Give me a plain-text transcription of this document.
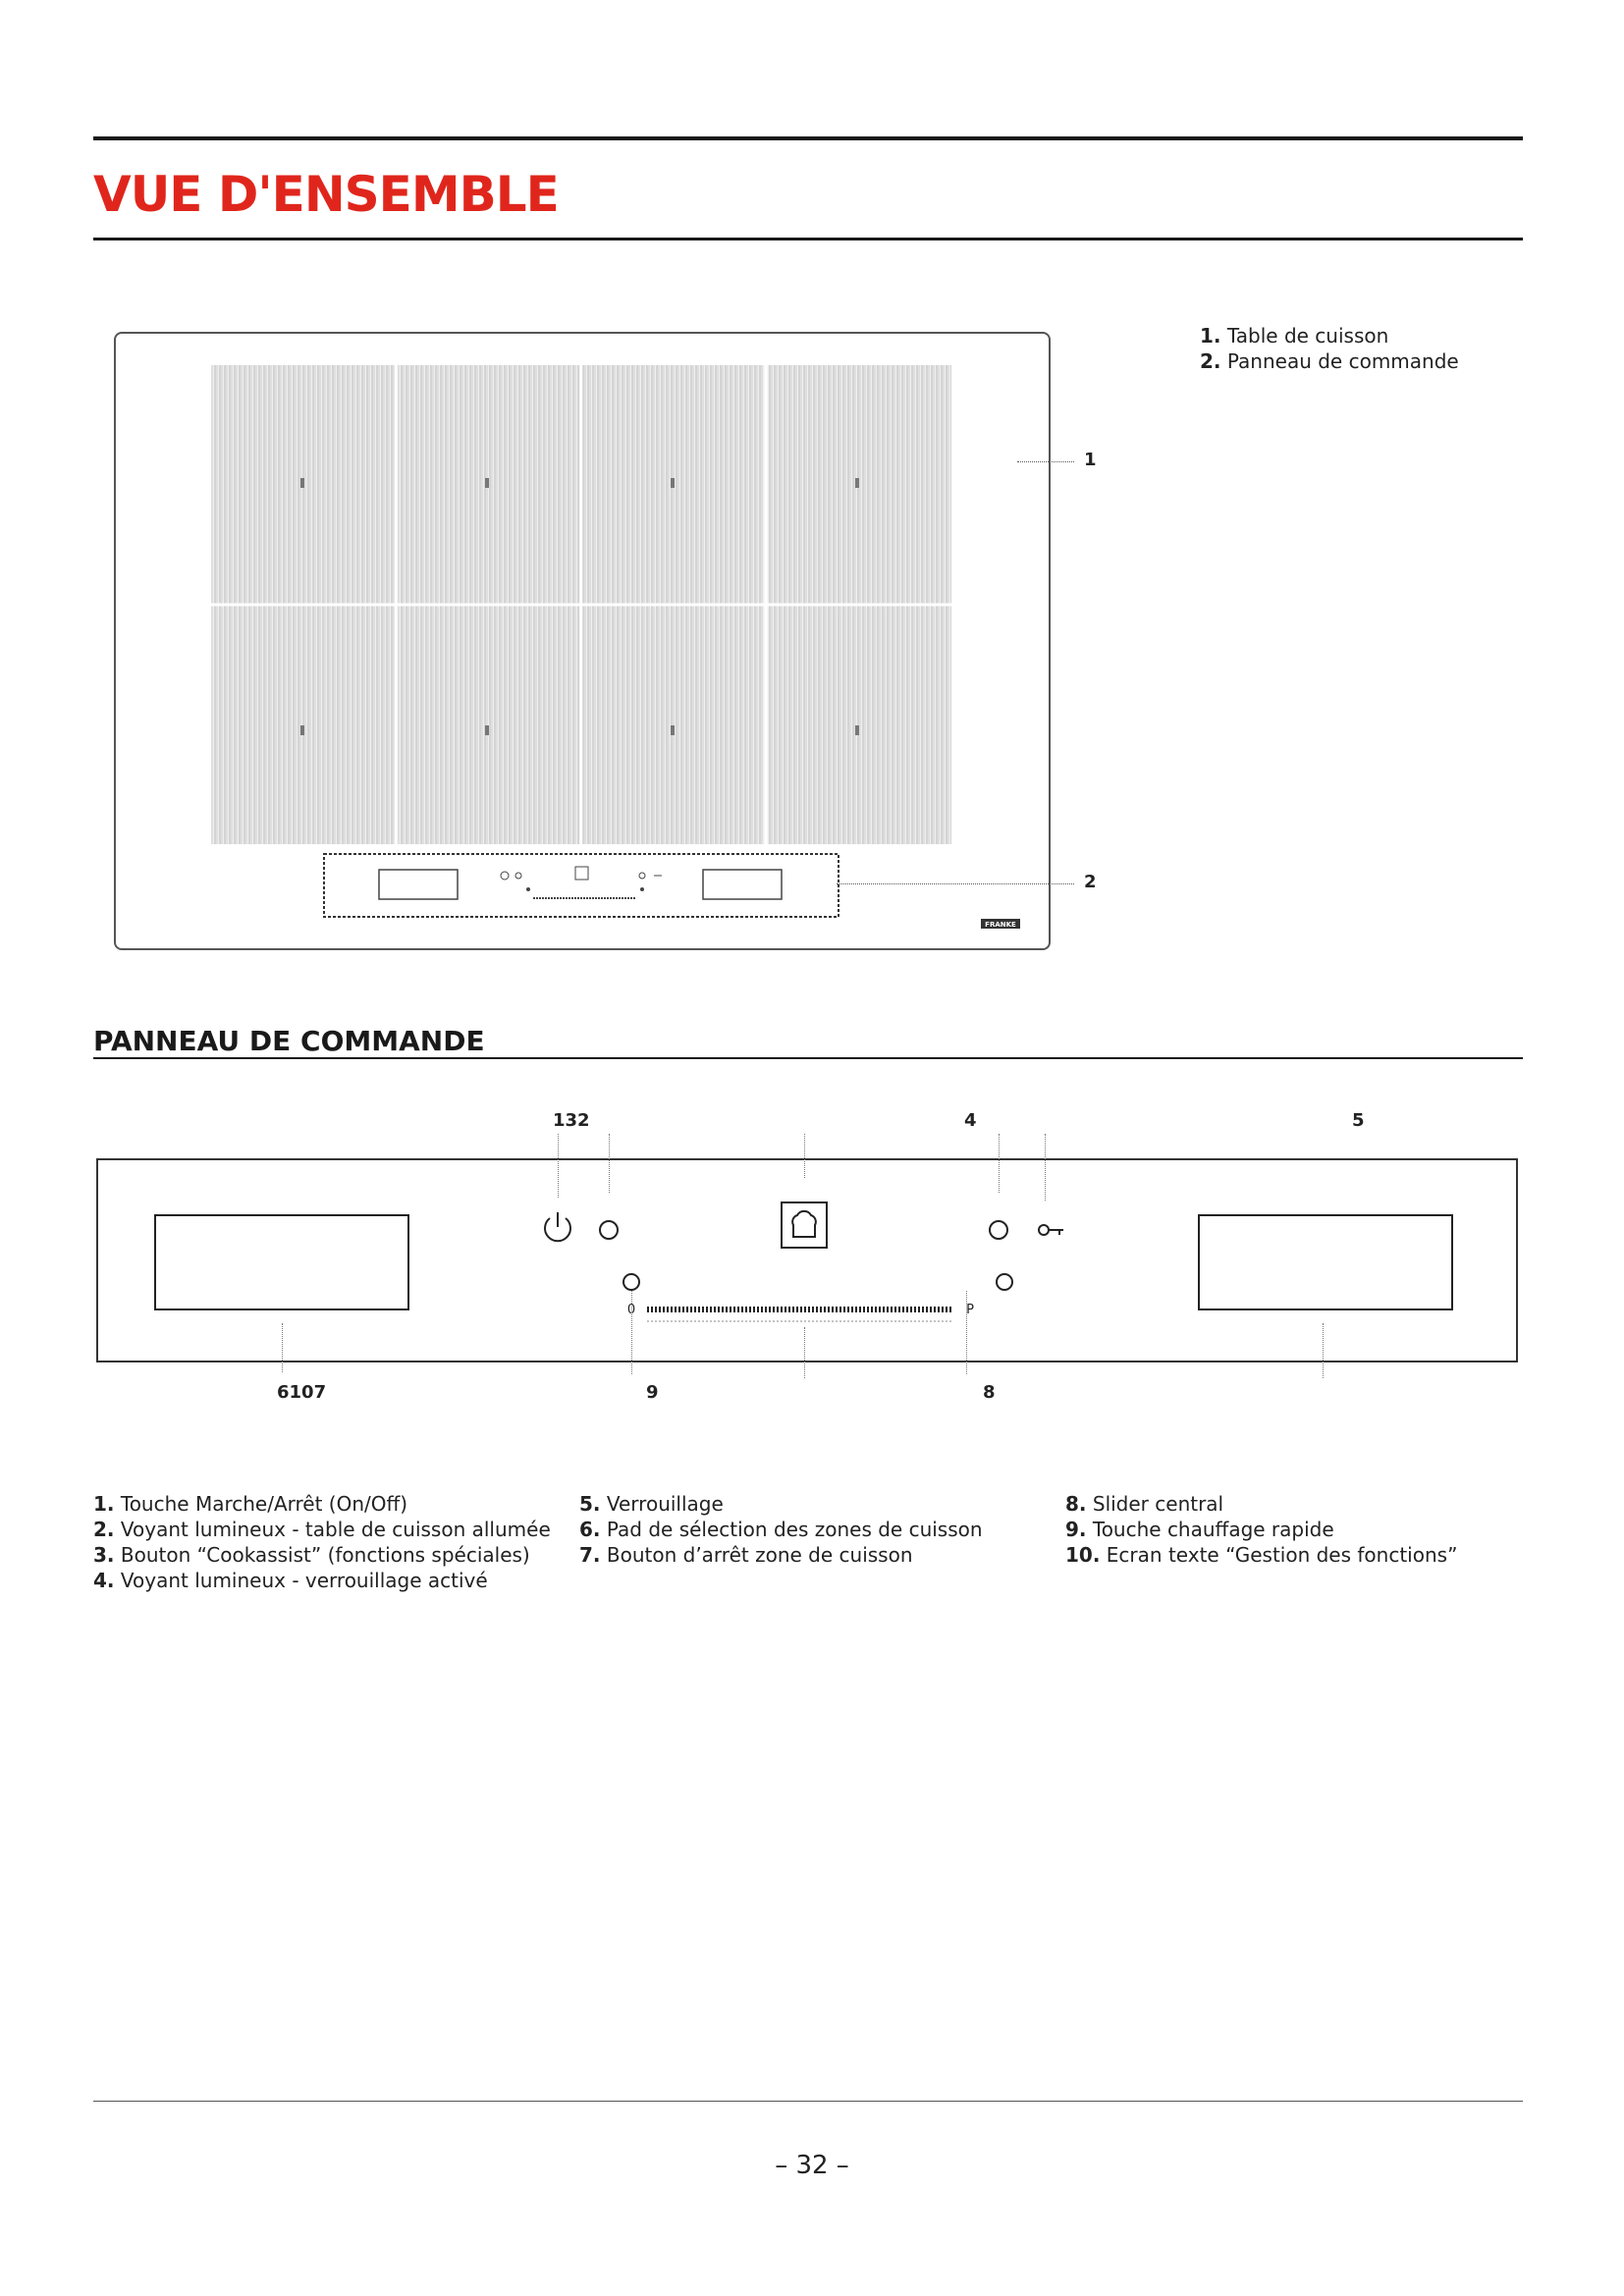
VUE D'ENSEMBLE
FRANKE
1
2
1. Table de cuisson
2. Panneau de commande
PANNEAU DE COMMANDE
0	P
132	4	5
6107	9	8
1. Touche Marche/Arrêt (On/Off)
2. Voyant lumineux - table de cuisson allumée
3. Bouton “Cookassist” (fonctions spéciales)
4. Voyant lumineux - verrouillage activé
5. Verrouillage
6. Pad de sélection des zones de cuisson
7. Bouton d’arrêt zone de cuisson
8. Slider central
9. Touche chauffage rapide
10. Ecran texte “Gestion des fonctions”
– 32 –
